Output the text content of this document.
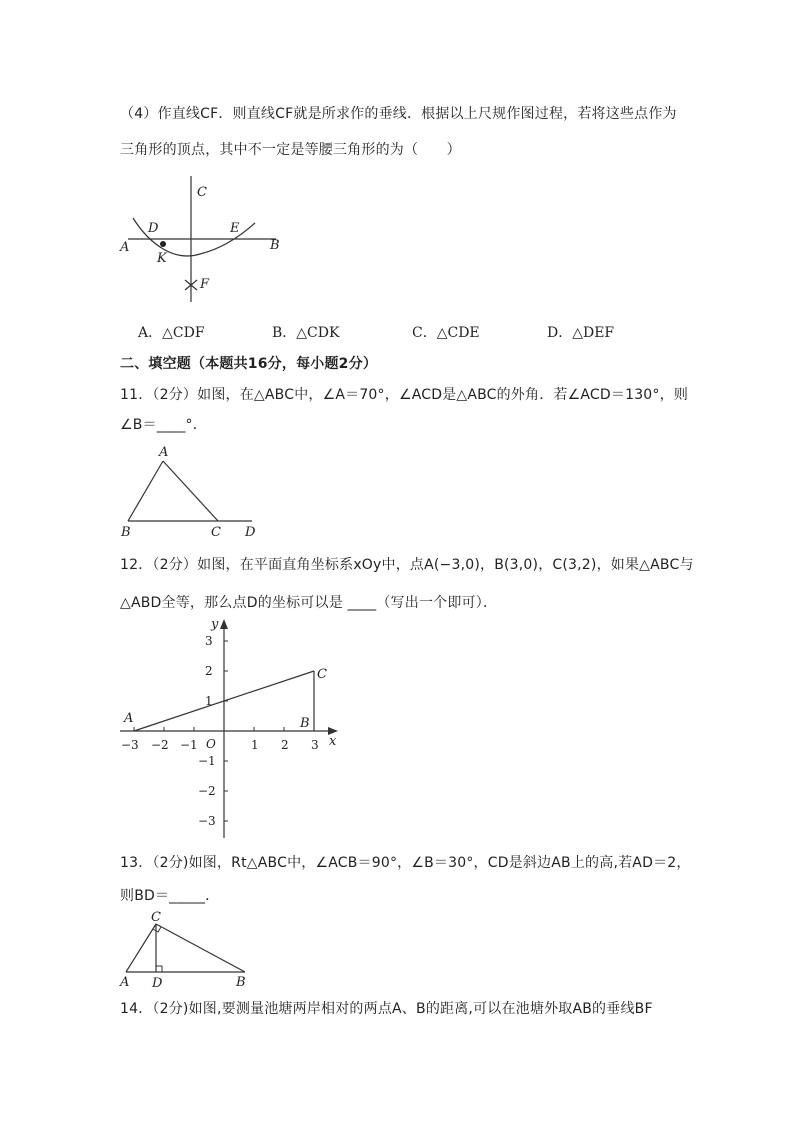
（4）作直线CF．则直线CF就是所求作的垂线．根据以上尺规作图过程，若将这些点作为
三角形的顶点，其中不一定是等腰三角形的为（　　）
C
D	E
A	B
K
F
A．△CDF	B．△CDK	C．△CDE	D．△DEF
二、填空题（本题共16分，每小题2分）
11．（2分）如图，在△ABC中，∠A＝70°，∠ACD是△ABC的外角．若∠ACD＝130°，则
∠B＝____°．
A
B	C D
12．（2分）如图，在平面直角坐标系xOy中，点A(−3,0)，B(3,0)，C(3,2)，如果△ABC与
△ABD全等，那么点D的坐标可以是 ____（写出一个即可）．
x
y
O
−3 −2 −1	1 2 3
3
2
1
−1
−2
−3
A	B
C
13．（2分)如图，Rt△ABC中，∠ACB＝90°，∠B＝30°，CD是斜边AB上的高,若AD＝2，
则BD＝_____．
C
A D	B
14．（2分)如图,要测量池塘两岸相对的两点A、B的距离,可以在池塘外取AB的垂线BF
